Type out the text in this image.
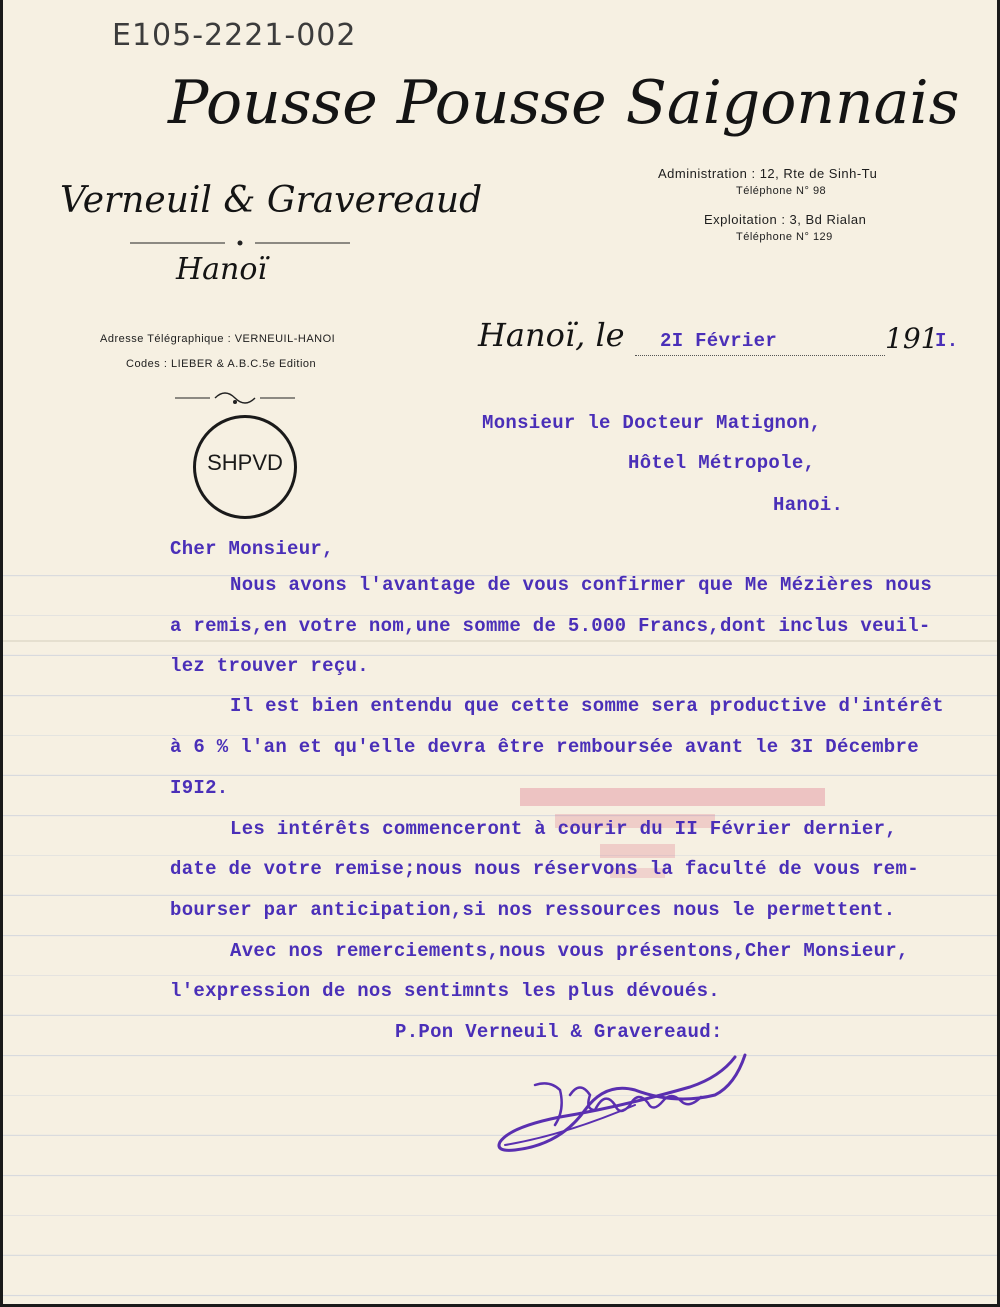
E105-2221-002
Pousse Pousse Saigonnais
Verneuil & Gravereaud
Hanoï
Administration : 12, Rte de Sinh-Tu
Téléphone N° 98
Exploitation : 3, Bd Rialan
Téléphone N° 129
Adresse Télégraphique : VERNEUIL-HANOI
Codes : LIEBER & A.B.C.5e Edition
SHPVD
Hanoï, le 2I Février	191
I.
Monsieur le Docteur Matignon,
Hôtel Métropole,
Hanoi.
Cher Monsieur,
Nous avons l'avantage de vous confirmer que Me Mézières nous
a remis,en votre nom,une somme de 5.000 Francs,dont inclus veuil-
lez trouver reçu.
Il est bien entendu que cette somme sera productive d'intérêt
à 6 % l'an et qu'elle devra être remboursée avant le 3I Décembre
I9I2.
Les intérêts commenceront à courir du II Février dernier,
date de votre remise;nous nous réservons la faculté de vous rem-
bourser par anticipation,si nos ressources nous le permettent.
Avec nos remerciements,nous vous présentons,Cher Monsieur,
l'expression de nos sentimnts les plus dévoués.
P.Pon Verneuil & Gravereaud:
